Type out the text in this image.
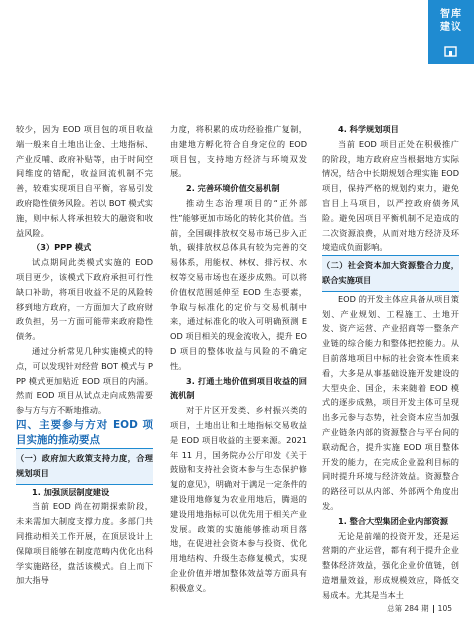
智库
建议

较少，因为 EOD 项目包的项目收益端一般来自土地出让金、土地指标、产业反哺、政府补贴等，由于时间空间维度的错配，收益回流机制不完善，较难实现项目自平衡，容易引发政府隐性债务风险。若以 BOT 模式实施，则中标人将承担较大的融资和收益风险。

（3）PPP 模式

试点期间此类模式实施的 EOD 项目更少，该模式下政府承担可行性缺口补助，将项目收益不足的风险转移到地方政府，一方面加大了政府财政负担，另一方面可能带来政府隐性债务。

通过分析常见几种实施模式的特点，可以发现针对经营 BOT 模式与 PPP 模式更加贴近 EOD 项目的内涵。然而 EOD 项目从试点走向成熟需要参与方与方不断地推动。

四、主要参与方对 EOD 项目实施的推动要点

（一）政府加大政策支持力度，合理规划项目

1. 加强顶层制度建设

当前 EOD 尚在初期探索阶段，未来需加大制度支撑力度。多部门共同推动相关工作开展，在顶层设计上保障项目能够在制度范畴内优化出科学实施路径，盘活该模式。自上而下加大指导

力度，将积累的成功经验推广复制，由建地方孵化符合自身定位的 EOD 项目包，支持地方经济与环境双发展。

2. 完善环境价值交易机制

推动生态治理项目的“正外部性”能够更加市场化的转化其价值。当前，全国碳排放权交易市场已步入正轨，碳排放权总体具有较为完善的交易体系，用能权、林权、排污权、水权等交易市场也在逐步成熟。可以将价值权范围延伸至 EOD 生态要素，争取与标准化的定价与交易机制中来，通过标准化的收入可明确预测 EOD 项目相关的现金流收入，提升 EOD 项目的整体收益与风险的不确定性。

3. 打通土地价值到项目收益的回流机制

对于片区开发类、乡村振兴类的项目，土地出让和土地指标交易收益是 EOD 项目收益的主要来源。2021 年 11 月，国务院办公厅印发《关于鼓励和支持社会资本参与生态保护修复的意见》，明确对于满足一定条件的建设用地修复为农业用地后，腾退的建设用地指标可以优先用于相关产业发展。政策的实施能够推动项目落地，在促进社会资本参与投资、优化用地结构、升级生态修复模式，实现企业价值并增加整体效益等方面具有积极意义。

4. 科学规划项目

当前 EOD 项目正处在积极推广的阶段，地方政府应当根据地方实际情况，结合中长期规划合理实施 EOD 项目，保持严格的规划约束力，避免盲目上马项目，以严控政府债务风险。避免因项目平衡机制不足造成的二次资源浪费，从而对地方经济及环境造成负面影响。

（二）社会资本加大资源整合力度，联合实施项目

EOD 的开发主体应具备从项目策划、产业规划、工程施工、土地开发、资产运营、产业招商等一整条产业链的综合能力和整体把控能力。从目前落地项目中标的社会资本性质来看，大多是从事基础设施开发建设的大型央企、国企，未来随着 EOD 模式的逐步成熟，项目开发主体可呈现出多元参与态势，社会资本应当加强产业链条内部的资源整合与平台间的联动配合，提升实施 EOD 项目整体开发的能力，在完成企业盈利目标的同时提升环境与经济效益。资源整合的路径可以从内部、外部两个角度出发。

1. 整合大型集团企业内部资源

无论是前端的投资开发，还是运营期的产业运营，都有利于提升企业整体经济效益，强化企业价值链，创造增量效益，形成规模效应，降低交易成本。尤其是当本土

总第 284 期 105
